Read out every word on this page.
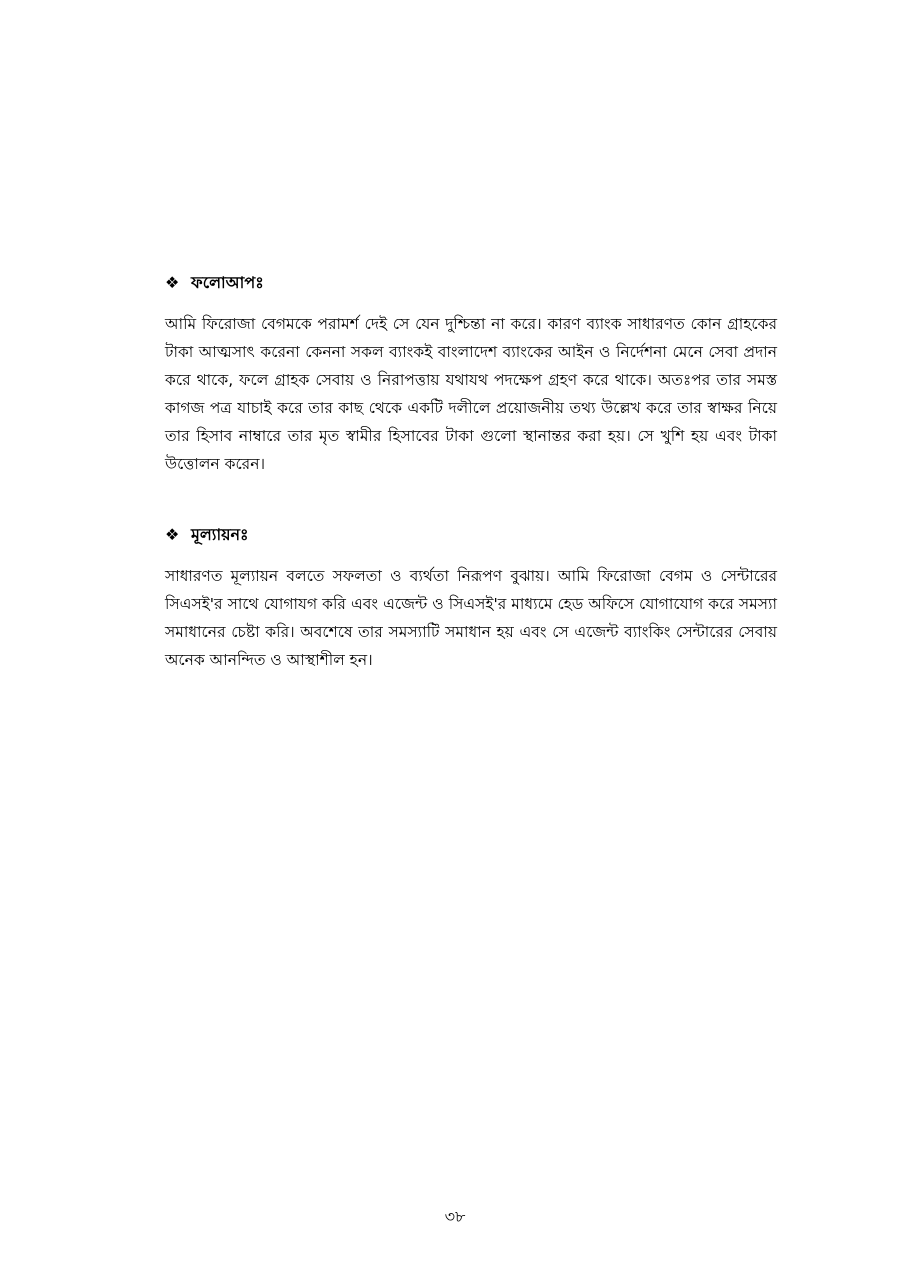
❖ ফলোআপঃ

আমি ফিরোজা বেগমকে পরামর্শ দেই সে যেন দুশ্চিন্তা না করে। কারণ ব্যাংক সাধারণত কোন গ্রাহকের টাকা আত্মসাৎ করেনা কেননা সকল ব্যাংকই বাংলাদেশ ব্যাংকের আইন ও নির্দেশনা মেনে সেবা প্রদান করে থাকে, ফলে গ্রাহক সেবায় ও নিরাপত্তায় যথাযথ পদক্ষেপ গ্রহণ করে থাকে। অতঃপর তার সমস্ত কাগজ পত্র যাচাই করে তার কাছ থেকে একটি দলীলে প্রয়োজনীয় তথ্য উল্লেখ করে তার স্বাক্ষর নিয়ে তার হিসাব নাম্বারে তার মৃত স্বামীর হিসাবের টাকা গুলো স্থানান্তর করা হয়। সে খুশি হয় এবং টাকা উত্তোলন করেন।

❖ মূল্যায়নঃ

সাধারণত মূল্যায়ন বলতে সফলতা ও ব্যর্থতা নিরূপণ বুঝায়। আমি ফিরোজা বেগম ও সেন্টারের সিএসই'র সাথে যোগাযগ করি এবং এজেন্ট ও সিএসই'র মাধ্যমে হেড অফিসে যোগাযোগ করে সমস্যা সমাধানের চেষ্টা করি। অবশেষে তার সমস্যাটি সমাধান হয় এবং সে এজেন্ট ব্যাংকিং সেন্টারের সেবায় অনেক আনন্দিত ও আস্থাশীল হন।

৩৮
